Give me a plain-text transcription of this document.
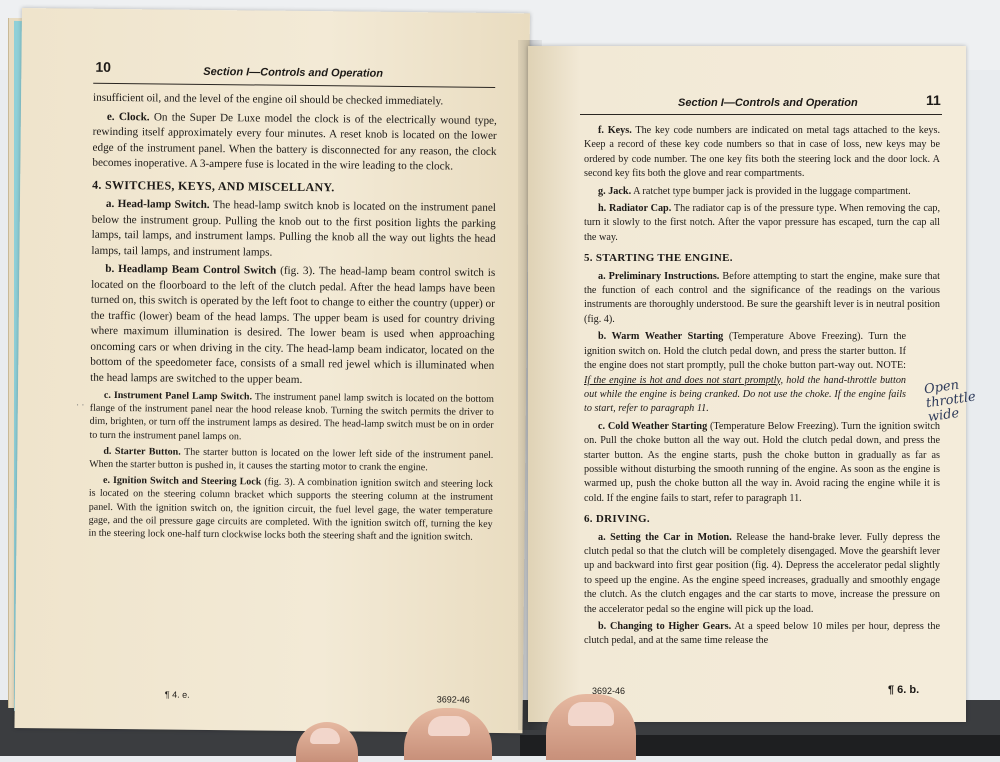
10	Section I—Controls and Operation

insufficient oil, and the level of the engine oil should be checked immediately.

e. Clock. On the Super De Luxe model the clock is of the electrically wound type, rewinding itself approximately every four minutes. A reset knob is located on the lower edge of the instrument panel. When the battery is disconnected for any reason, the clock becomes inoperative. A 3-ampere fuse is located in the wire leading to the clock.

4. SWITCHES, KEYS, AND MISCELLANY.

a. Head-lamp Switch. The head-lamp switch knob is located on the instrument panel below the instrument group. Pulling the knob out to the first position lights the parking lamps, tail lamps, and instrument lamps. Pulling the knob all the way out lights the head lamps, tail lamps, and instrument lamps.

b. Headlamp Beam Control Switch (fig. 3). The head-lamp beam control switch is located on the floorboard to the left of the clutch pedal. After the head lamps have been turned on, this switch is operated by the left foot to change to either the country (upper) or the traffic (lower) beam of the head lamps. The upper beam is used for country driving where maximum illumination is desired. The lower beam is used when approaching oncoming cars or when driving in the city. The head-lamp beam indicator, located on the bottom of the speedometer face, consists of a small red jewel which is illuminated when the head lamps are switched to the upper beam.

c. Instrument Panel Lamp Switch. The instrument panel lamp switch is located on the bottom flange of the instrument panel near the hood release knob. Turning the switch permits the driver to dim, brighten, or turn off the instrument lamps as desired. The head-lamp switch must be on in order to turn the instrument panel lamps on.

d. Starter Button. The starter button is located on the lower left side of the instrument panel. When the starter button is pushed in, it causes the starting motor to crank the engine.

e. Ignition Switch and Steering Lock (fig. 3). A combination ignition switch and steering lock is located on the steering column bracket which supports the steering column at the instrument panel. With the ignition switch on, the ignition circuit, the fuel level gage, the water temperature gage, and the oil pressure gage circuits are completed. With the ignition switch off, turning the key in the steering lock one-half turn clockwise locks both the steering shaft and the ignition switch.

¶ 4. e.	3692-46
Section I—Controls and Operation	11

f. Keys. The key code numbers are indicated on metal tags attached to the keys. Keep a record of these key code numbers so that in case of loss, new keys may be ordered by code number. The one key fits both the steering lock and the door lock. A second key fits both the glove and rear compartments.

g. Jack. A ratchet type bumper jack is provided in the luggage compartment.

h. Radiator Cap. The radiator cap is of the pressure type. When removing the cap, turn it slowly to the first notch. After the vapor pressure has escaped, turn the cap all the way.

5. STARTING THE ENGINE.

a. Preliminary Instructions. Before attempting to start the engine, make sure that the function of each control and the significance of the readings on the various instruments are thoroughly understood. Be sure the gearshift lever is in neutral position (fig. 4).

b. Warm Weather Starting (Temperature Above Freezing). Turn the ignition switch on. Hold the clutch pedal down, and press the starter button. If the engine does not start promptly, pull the choke button part-way out. NOTE: If the engine is hot and does not start promptly, hold the hand-throttle button out while the engine is being cranked. Do not use the choke. If the engine fails to start, refer to paragraph 11.

c. Cold Weather Starting (Temperature Below Freezing). Turn the ignition switch on. Pull the choke button all the way out. Hold the clutch pedal down, and press the starter button. As the engine starts, push the choke button in gradually as far as possible without disturbing the smooth running of the engine. As soon as the engine is warmed up, push the choke button all the way in. Avoid racing the engine while it is cold. If the engine fails to start, refer to paragraph 11.

6. DRIVING.

a. Setting the Car in Motion. Release the hand-brake lever. Fully depress the clutch pedal so that the clutch will be completely disengaged. Move the gearshift lever up and backward into first gear position (fig. 4). Depress the accelerator pedal slightly to speed up the engine. As the engine speed increases, gradually and smoothly engage the clutch. As the clutch engages and the car starts to move, increase the pressure on the accelerator pedal so the engine will pick up the load.

b. Changing to Higher Gears. At a speed below 10 miles per hour, depress the clutch pedal, and at the same time release the

Open throttle wide
3692-46	¶ 6. b.
⋅ ⋅
